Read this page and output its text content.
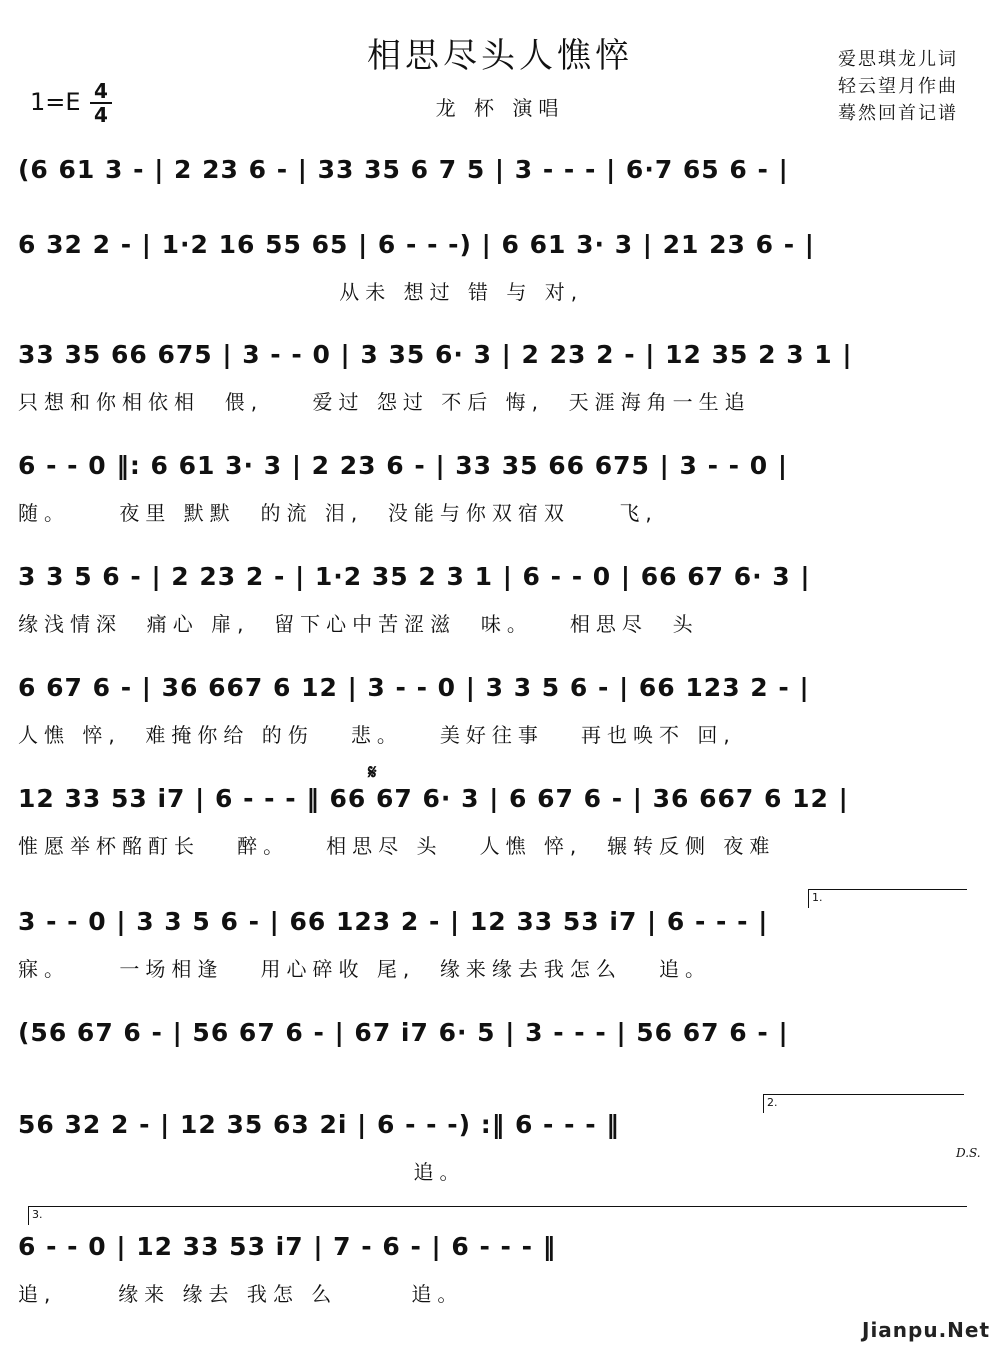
相思尽头人憔悴
$1=E \frac{4}{4}$	龙 杯 演唱
爱思琪龙儿词
轻云望月作曲
蓦然回首记谱
(6 61 3 - | 2 23 6 - | 33 35 6 7 5 | 3 - - - | 6·7 65 6 - |
6 32 2 - | 1·2 16 55 65 | 6 - - -) | 6 61 3· 3 | 21 23 6 - |
从未 想过 错 与 对,
33 35 66 675 | 3 - - 0 | 3 35 6· 3 | 2 23 2 - | 12 35 2 3 1 |
只想和你相依相  偎,    爱过 怨过 不后 悔,  天涯海角一生追
6 - - 0 ‖: 6 61 3· 3 | 2 23 6 - | 33 35 66 675 | 3 - - 0 |
随。    夜里 默默  的流 泪,  没能与你双宿双    飞,
3 3 5 6 - | 2 23 2 - | 1·2 35 2 3 1 | 6 - - 0 | 66 67 6· 3 |
缘浅情深  痛心 扉,  留下心中苦涩滋  味。   相思尽  头
6 67 6 - | 36 667 6 12 | 3 - - 0 | 3 3 5 6 - | 66 123 2 - |
人憔 悴,  难掩你给 的伤   悲。   美好往事   再也唤不 回,
12 33 53 i7 | 6 - - - ‖ 66 67 6· 3 | 6 67 6 - | 36 667 6 12 |
惟愿举杯酩酊长   醉。   相思尽 头   人憔 悴,  辗转反侧 夜难
3 - - 0 | 3 3 5 6 - | 66 123 2 - | 12 33 53 i7 | 6 - - - |
寐。    一场相逢   用心碎收 尾,  缘来缘去我怎么   追。
(56 67 6 - | 56 67 6 - | 67 i7 6· 5 | 3 - - - | 56 67 6 - |
56 32 2 - | 12 35 63 2i | 6 - - -) :‖ 6 - - - ‖
追。
6 - - 0 | 12 33 53 i7 | 7 - 6 - | 6 - - - ‖
追,     缘来 缘去 我怎 么      追。
𝄋
1.
2.
3.
D.S.
Jianpu.Net
